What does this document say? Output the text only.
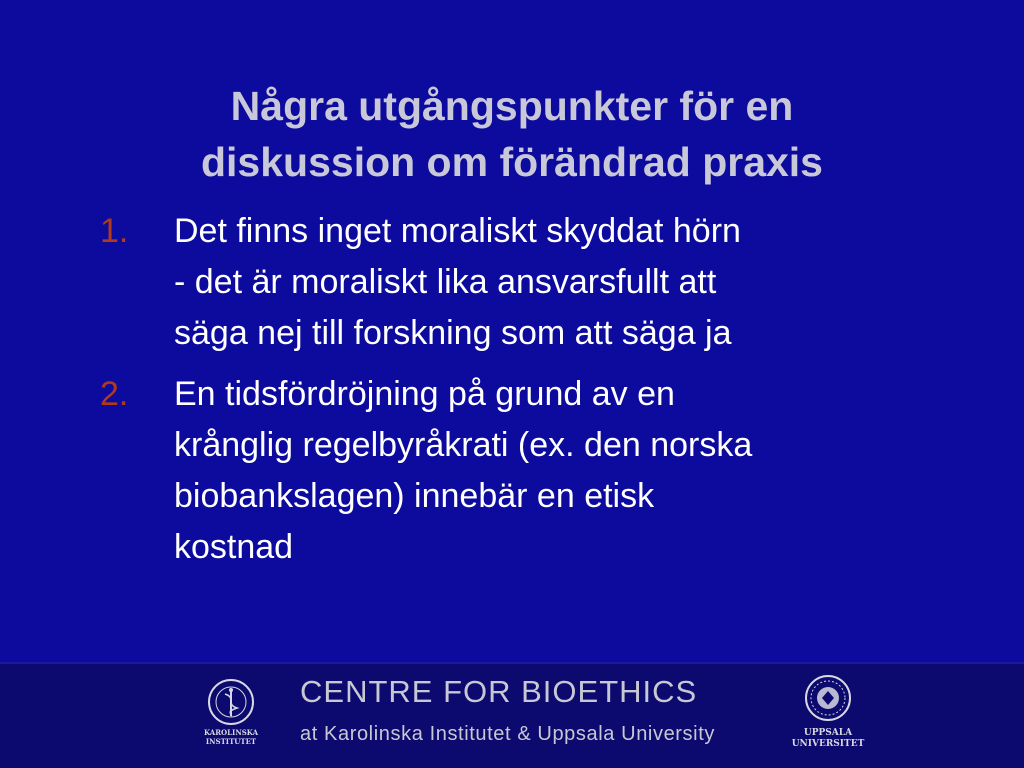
Några utgångspunkter för en
diskussion om förändrad praxis
1. Det finns inget moraliskt skyddat hörn
- det är moraliskt lika ansvarsfullt att
säga nej till forskning som att säga ja
2. En tidsfördröjning på grund av en
krånglig regelbyråkrati (ex. den norska
biobankslagen) innebär en etisk
kostnad
KAROLINSKA
INSTITUTET
CENTRE FOR BIOETHICS
at Karolinska Institutet & Uppsala University	UPPSALA
UNIVERSITET
